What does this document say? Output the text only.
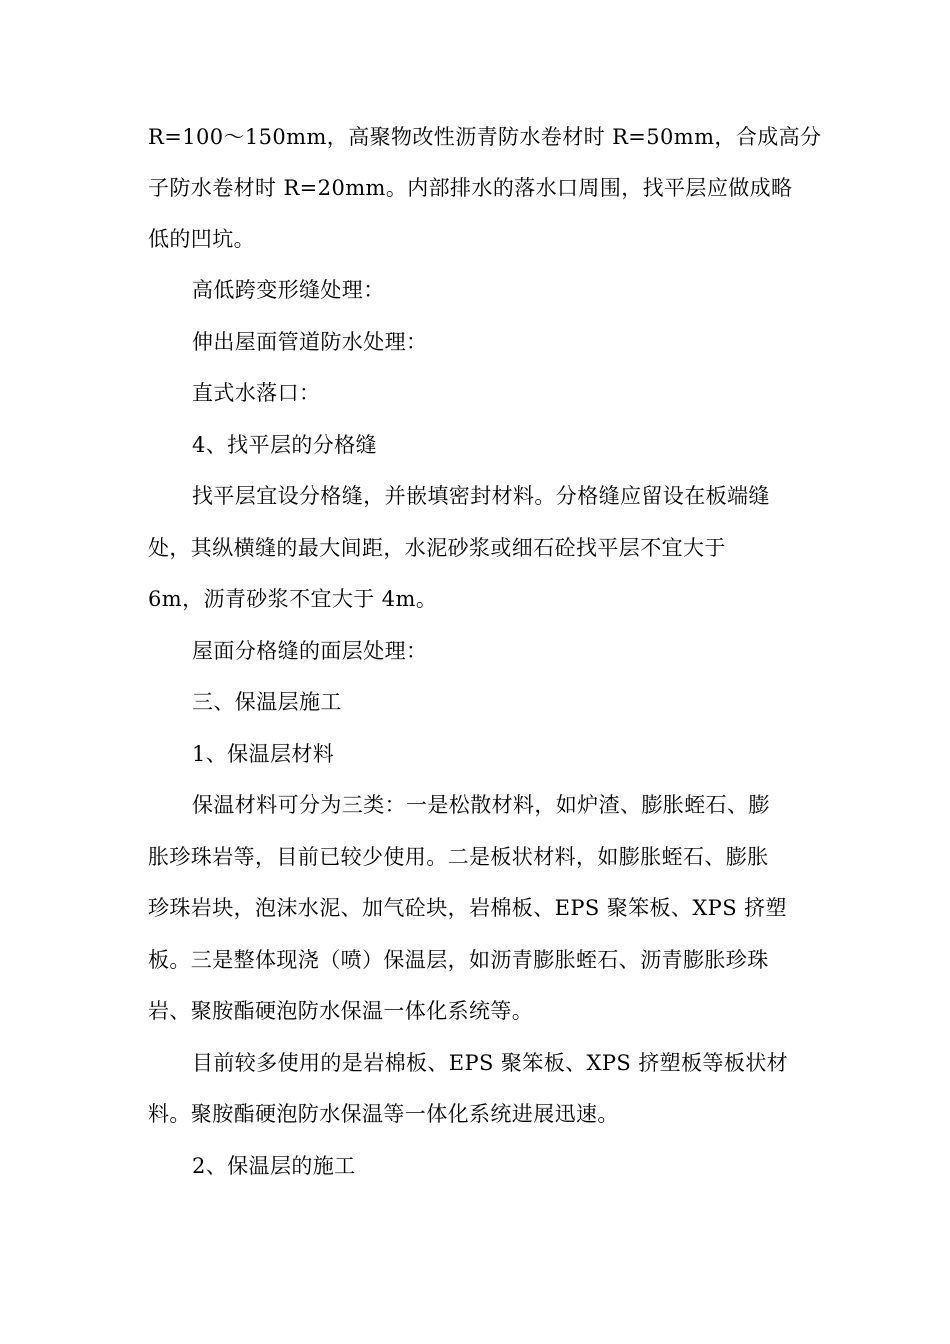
R=100～150mm，高聚物改性沥青防水卷材时 R=50mm，合成高分
子防水卷材时 R=20mm。内部排水的落水口周围，找平层应做成略
低的凹坑。
高低跨变形缝处理：
伸出屋面管道防水处理：
直式水落口：
4、找平层的分格缝
找平层宜设分格缝，并嵌填密封材料。分格缝应留设在板端缝
处，其纵横缝的最大间距，水泥砂浆或细石砼找平层不宜大于
6m，沥青砂浆不宜大于 4m。
屋面分格缝的面层处理：
三、保温层施工
1、保温层材料
保温材料可分为三类：一是松散材料，如炉渣、膨胀蛭石、膨
胀珍珠岩等，目前已较少使用。二是板状材料，如膨胀蛭石、膨胀
珍珠岩块，泡沫水泥、加气砼块，岩棉板、EPS 聚笨板、XPS 挤塑
板。三是整体现浇（喷）保温层，如沥青膨胀蛭石、沥青膨胀珍珠
岩、聚胺酯硬泡防水保温一体化系统等。
目前较多使用的是岩棉板、EPS 聚笨板、XPS 挤塑板等板状材
料。聚胺酯硬泡防水保温等一体化系统进展迅速。
2、保温层的施工
